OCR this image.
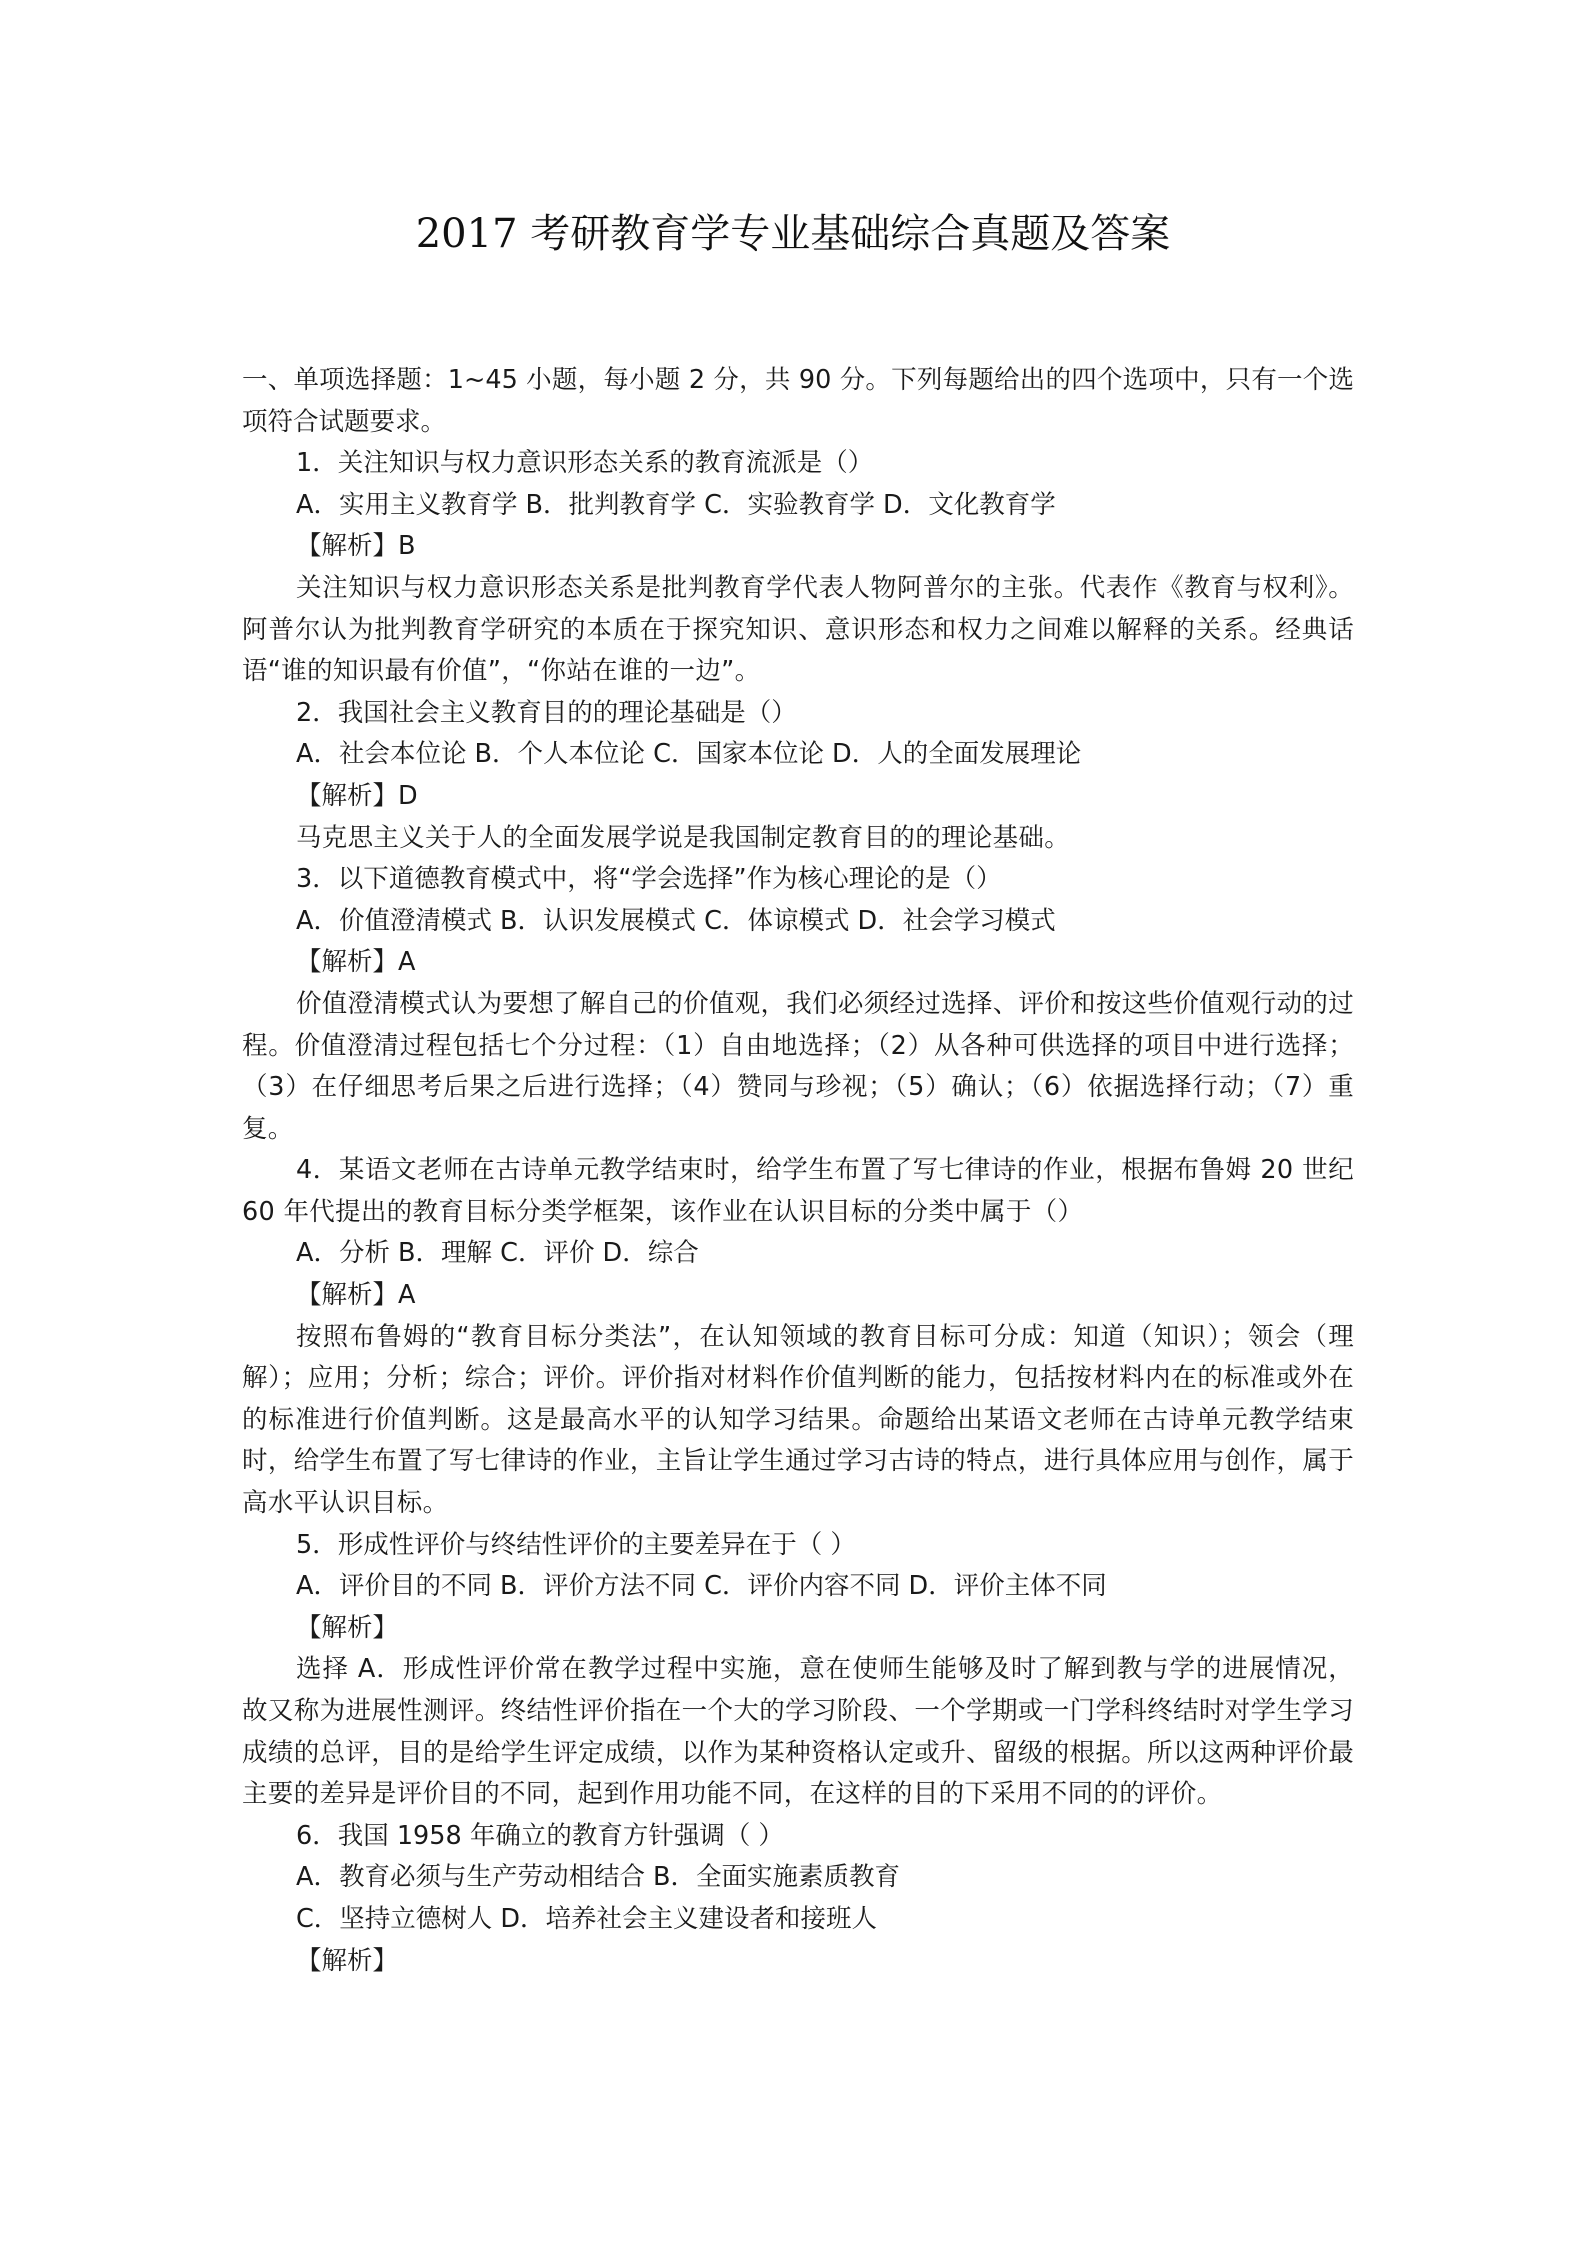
2017 考研教育学专业基础综合真题及答案

一、单项选择题：1~45 小题，每小题 2 分，共 90 分。下列每题给出的四个选项中，只有一个选项符合试题要求。

1．关注知识与权力意识形态关系的教育流派是（）

A．实用主义教育学 B．批判教育学 C．实验教育学 D．文化教育学

【解析】B

关注知识与权力意识形态关系是批判教育学代表人物阿普尔的主张。代表作《教育与权利》。阿普尔认为批判教育学研究的本质在于探究知识、意识形态和权力之间难以解释的关系。经典话语“谁的知识最有价值”，“你站在谁的一边”。

2．我国社会主义教育目的的理论基础是（）

A．社会本位论 B．个人本位论 C．国家本位论 D．人的全面发展理论

【解析】D

马克思主义关于人的全面发展学说是我国制定教育目的的理论基础。

3．以下道德教育模式中，将“学会选择”作为核心理论的是（）

A．价值澄清模式 B．认识发展模式 C．体谅模式 D．社会学习模式

【解析】A

价值澄清模式认为要想了解自己的价值观，我们必须经过选择、评价和按这些价值观行动的过程。价值澄清过程包括七个分过程：（1）自由地选择；（2）从各种可供选择的项目中进行选择；（3）在仔细思考后果之后进行选择；（4）赞同与珍视；（5）确认；（6）依据选择行动；（7）重复。

4．某语文老师在古诗单元教学结束时，给学生布置了写七律诗的作业，根据布鲁姆 20 世纪 60 年代提出的教育目标分类学框架，该作业在认识目标的分类中属于（）

A．分析 B．理解 C．评价 D．综合

【解析】A

按照布鲁姆的“教育目标分类法”，在认知领域的教育目标可分成：知道（知识）；领会（理解）；应用；分析；综合；评价。评价指对材料作价值判断的能力，包括按材料内在的标准或外在的标准进行价值判断。这是最高水平的认知学习结果。命题给出某语文老师在古诗单元教学结束时，给学生布置了写七律诗的作业，主旨让学生通过学习古诗的特点，进行具体应用与创作，属于高水平认识目标。

5．形成性评价与终结性评价的主要差异在于（ ）

A．评价目的不同 B．评价方法不同 C．评价内容不同 D．评价主体不同

【解析】

选择 A．形成性评价常在教学过程中实施，意在使师生能够及时了解到教与学的进展情况，故又称为进展性测评。终结性评价指在一个大的学习阶段、一个学期或一门学科终结时对学生学习成绩的总评，目的是给学生评定成绩，以作为某种资格认定或升、留级的根据。所以这两种评价最主要的差异是评价目的不同，起到作用功能不同，在这样的目的下采用不同的的评价。

6．我国 1958 年确立的教育方针强调（ ）

A．教育必须与生产劳动相结合 B．全面实施素质教育

C．坚持立德树人 D．培养社会主义建设者和接班人

【解析】
